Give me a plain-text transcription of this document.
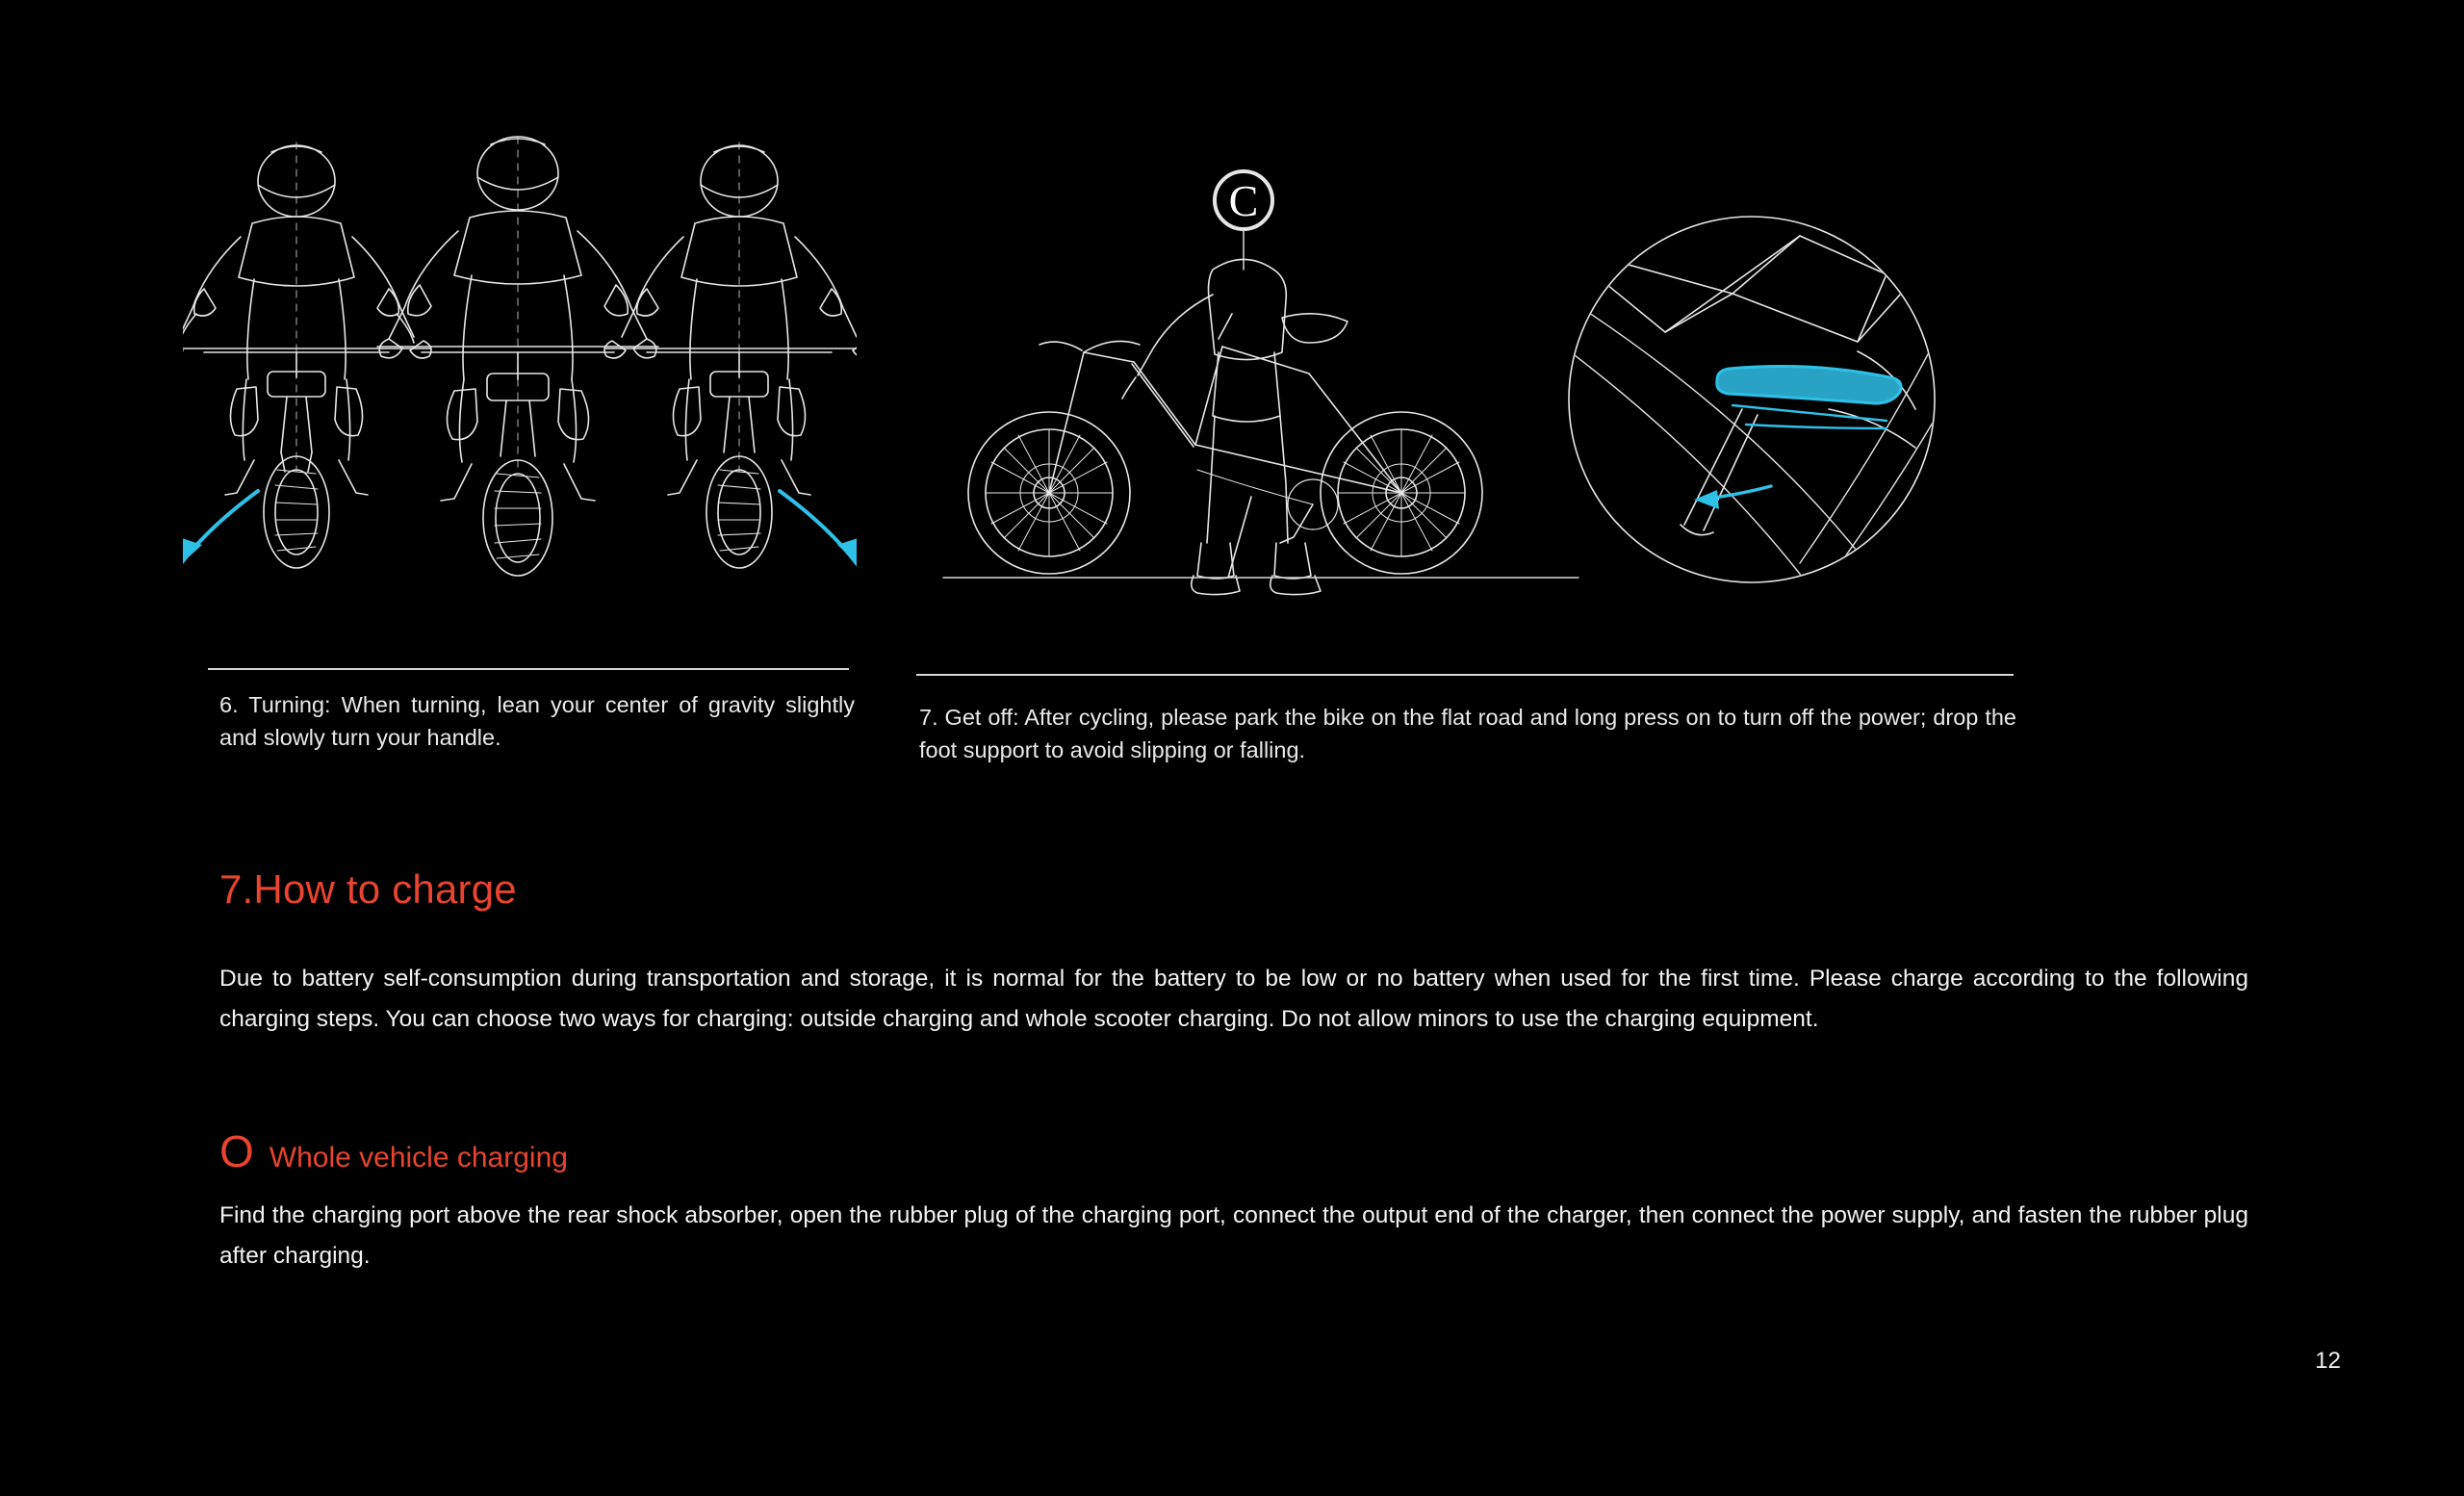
C
6. Turning: When turning, lean your center of gravity slightly and slowly turn your handle.
7. Get off: After cycling, please park the bike on the flat road and long press on to turn off the power; drop the foot support to avoid slipping or falling.
7.How to charge

Due to battery self-consumption during transportation and storage, it is normal for the battery to be low or no battery when used for the first time. Please charge according to the following charging steps. You can choose two ways for charging: outside charging and whole scooter charging. Do not allow minors to use the charging equipment.

O Whole vehicle charging

Find the charging port above the rear shock absorber, open the rubber plug of the charging port, connect the output end of the charger, then connect the power supply, and fasten the rubber plug after charging.

12
